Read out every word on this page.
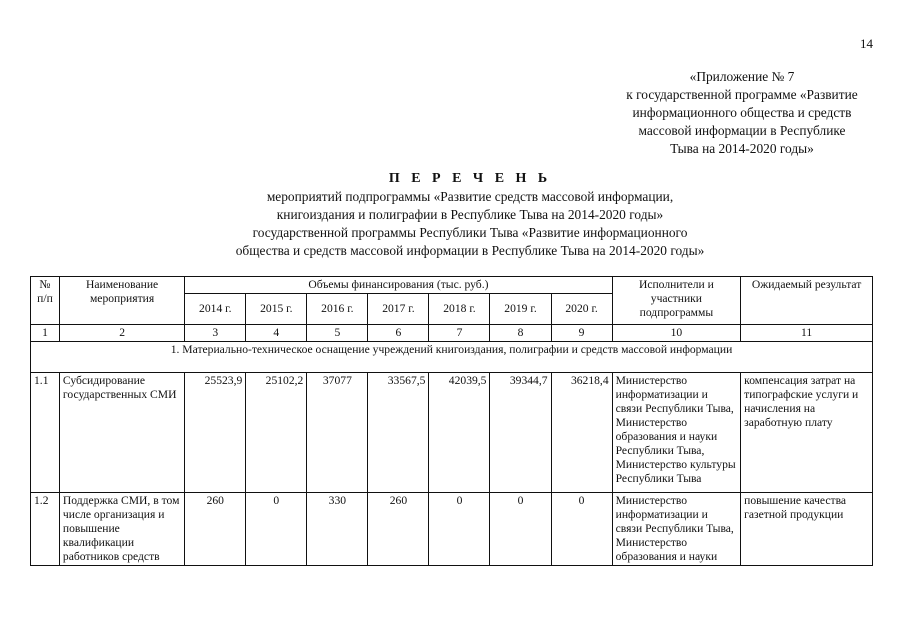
14
«Приложение № 7
к государственной программе «Развитие
информационного общества и средств
массовой информации в Республике
Тыва на 2014-2020 годы»
П Е Р Е Ч Е Н Ь
мероприятий подпрограммы «Развитие средств массовой информации,
книгоиздания и полиграфии в Республике Тыва на 2014-2020 годы»
государственной программы Республики Тыва «Развитие информационного
общества и средств массовой информации в Республике Тыва на 2014-2020 годы»
№ п/п	Наименование мероприятия	Объемы финансирования (тыс. руб.)							Исполнители и участники подпрограммы	Ожидаемый результат
		2014 г.	2015 г.	2016 г.	2017 г.	2018 г.	2019 г.	2020 г.		
1	2	3	4	5	6	7	8	9	10	11
1. Материально-техническое оснащение учреждений книгоиздания, полиграфии и средств массовой информации										
1.1	Субсидирование государственных СМИ	25523,9	25102,2	37077	33567,5	42039,5	39344,7	36218,4	Министерство информатизации и связи Республики Тыва, Министерство образования и науки Республики Тыва, Министерство культуры Республики Тыва	компенсация затрат на типографские услуги и начисления на заработную плату
1.2	Поддержка СМИ, в том числе организация и повышение квалификации работников средств	260	0	330	260	0	0	0	Министерство информатизации и связи Республики Тыва, Министерство образования и науки	повышение качества газетной продукции
